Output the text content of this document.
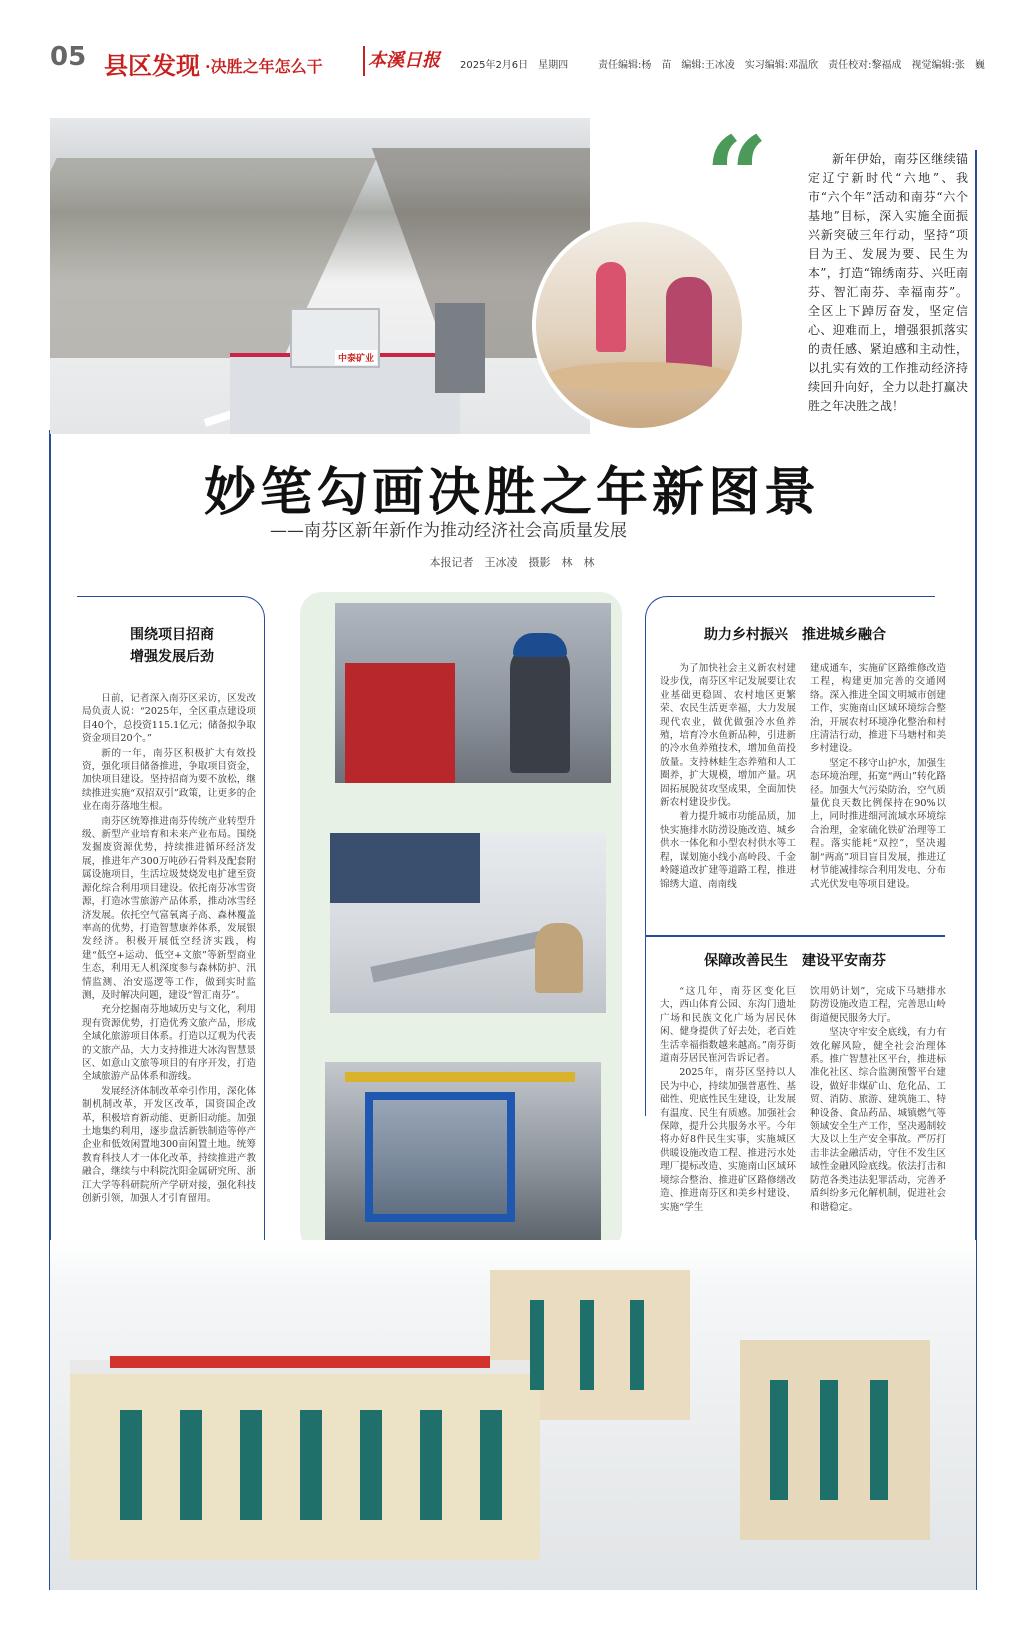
05 县区发现 ·决胜之年怎么干	本溪日报 2025年2月6日　星期四	责任编辑:杨　苗　编辑:王冰凌　实习编辑:邓温欣　责任校对:黎福成　视觉编辑:张　巍
中泰矿业
“	新年伊始，南芬区继续锚定辽宁新时代“六地”、我市“六个年”活动和南芬“六个基地”目标，深入实施全面振兴新突破三年行动，坚持“项目为王、发展为要、民生为本”，打造“锦绣南芬、兴旺南芬、智汇南芬、幸福南芬”。全区上下踔厉奋发，坚定信心、迎难而上，增强狠抓落实的责任感、紧迫感和主动性，以扎实有效的工作推动经济持续回升向好，全力以赴打赢决胜之年决胜之战！
妙笔勾画决胜之年新图景
——南芬区新年新作为推动经济社会高质量发展
本报记者　王冰凌　摄影　林　林
围绕项目招商
增强发展后劲

日前，记者深入南芬区采访，区发改局负责人说：“2025年，全区重点建设项目40个，总投资115.1亿元；储备拟争取资金项目20个。”

新的一年，南芬区积极扩大有效投资，强化项目储备推进，争取项目资金，加快项目建设。坚持招商为要不放松，继续推进实施“双招双引”政策，让更多的企业在南芬落地生根。

南芬区统筹推进南芬传统产业转型升级、新型产业培育和未来产业布局。围绕发掘废资源优势，持续推进循环经济发展，推进年产300万吨砂石骨料及配套附属设施项目，生活垃圾焚烧发电扩建至资源化综合利用项目建设。依托南芬冰雪资源，打造冰雪旅游产品体系，推动冰雪经济发展。依托空气富氧离子高、森林覆盖率高的优势，打造智慧康养体系，发展银发经济。积极开展低空经济实践，构建“低空+运动、低空+文旅”等新型商业生态，利用无人机深度参与森林防护、汛情监测、治安巡逻等工作，做到实时监测，及时解决问题，建设“智汇南芬”。

充分挖掘南芬地域历史与文化，利用现有资源优势，打造优秀文旅产品，形成全域化旅游项目体系。打造以辽观为代表的文旅产品，大力支持推进大冰沟智慧景区、如意山文旅等项目的有序开发，打造全域旅游产品体系和游线。

发展经济体制改革牵引作用，深化体制机制改革，开发区改革，国资国企改革，积极培育新动能、更新旧动能。加强土地集约利用，逐步盘活新铁制造等停产企业和低效闲置地300亩闲置土地。统筹教育科技人才一体化改革，持续推进产教融合，继续与中科院沈阳金属研究所、浙江大学等科研院所产学研对接，强化科技创新引领，加强人才引育留用。

助力乡村振兴　推进城乡融合

为了加快社会主义新农村建设步伐，南芬区牢记发展要让农业基础更稳固、农村地区更繁荣、农民生活更幸福，大力发展现代农业，做优做强冷水鱼养殖，培育冷水鱼新品种，引进新的冷水鱼养殖技术，增加鱼苗投放量。支持林蛙生态养殖和人工圈养，扩大规模，增加产量。巩固拓展脱贫攻坚成果，全面加快新农村建设步伐。

着力提升城市功能品质，加快实施排水防涝设施改造、城乡供水一体化和小型农村供水等工程，谋划施小线小高岭段、千金岭隧道改扩建等道路工程，推进锦绣大道、南南线

建成通车，实施矿区路维修改造工程，构建更加完善的交通网络。深入推进全国文明城市创建工作，实施南山区域环境综合整治，开展农村环境净化整治和村庄清洁行动，推进下马塘村和美乡村建设。

坚定不移守山护水，加强生态环境治理，拓宽“两山”转化路径。加强大气污染防治，空气质量优良天数比例保持在90%以上，同时推进细河流域水环境综合治理，金家硫化铁矿治理等工程。落实能耗“双控”，坚决遏制“两高”项目盲目发展，推进辽材节能减排综合利用发电、分布式光伏发电等项目建设。

保障改善民生　建设平安南芬

“这几年，南芬区变化巨大，西山体育公园、东沟门遗址广场和民族文化广场为居民休闲、健身提供了好去处，老百姓生活幸福指数越来越高。”南芬街道南芬居民崔河告诉记者。

2025年，南芬区坚持以人民为中心，持续加强普惠性、基础性、兜底性民生建设，让发展有温度、民生有质感。加强社会保障，提升公共服务水平。今年将办好8件民生实事，实施城区供暖设施改造工程、推进污水处理厂提标改造、实施南山区域环境综合整治、推进矿区路修缮改造、推进南芬区和美乡村建设、实施“学生

饮用奶计划”，完成下马塘排水防涝设施改造工程，完善思山岭街道便民服务大厅。

坚决守牢安全底线，有力有效化解风险，健全社会治理体系。推广智慧社区平台，推进标准化社区、综合监测预警平台建设，做好非煤矿山、危化品、工贸、消防、旅游、建筑施工、特种设备、食品药品、城镇燃气等领域安全生产工作，坚决遏制较大及以上生产安全事故。严厉打击非法金融活动，守住不发生区域性金融风险底线。依法打击和防范各类违法犯罪活动，完善矛盾纠纷多元化解机制，促进社会和谐稳定。
